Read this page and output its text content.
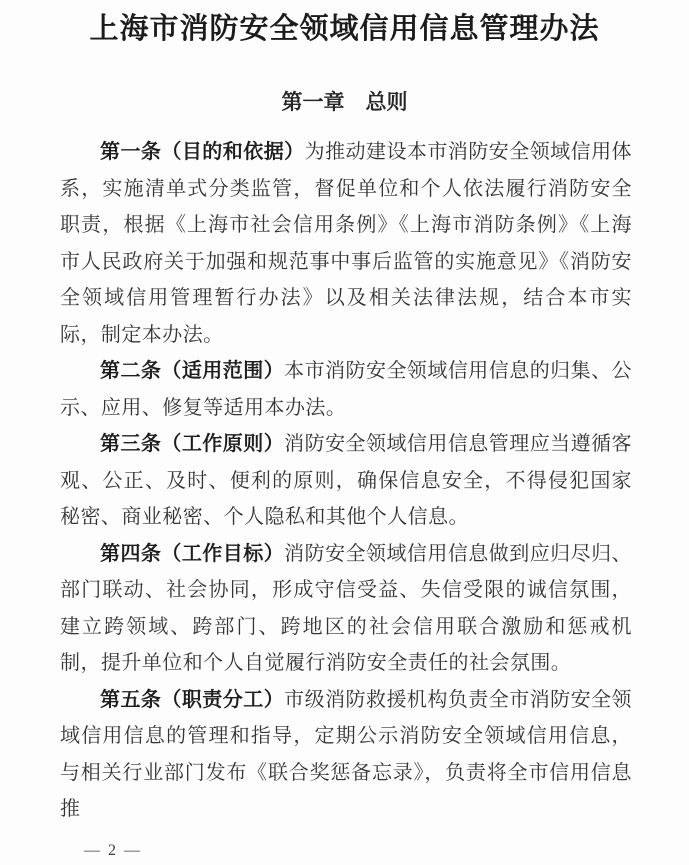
上海市消防安全领域信用信息管理办法
第一章　总则

第一条（目的和依据）为推动建设本市消防安全领域信用体系，实施清单式分类监管，督促单位和个人依法履行消防安全职责，根据《上海市社会信用条例》《上海市消防条例》《上海市人民政府关于加强和规范事中事后监管的实施意见》《消防安全领域信用管理暂行办法》以及相关法律法规，结合本市实际，制定本办法。

第二条（适用范围）本市消防安全领域信用信息的归集、公示、应用、修复等适用本办法。

第三条（工作原则）消防安全领域信用信息管理应当遵循客观、公正、及时、便利的原则，确保信息安全，不得侵犯国家秘密、商业秘密、个人隐私和其他个人信息。

第四条（工作目标）消防安全领域信用信息做到应归尽归、部门联动、社会协同，形成守信受益、失信受限的诚信氛围，建立跨领域、跨部门、跨地区的社会信用联合激励和惩戒机制，提升单位和个人自觉履行消防安全责任的社会氛围。

第五条（职责分工）市级消防救援机构负责全市消防安全领域信用信息的管理和指导，定期公示消防安全领域信用信息，与相关行业部门发布《联合奖惩备忘录》，负责将全市信用信息推

— 2 —
